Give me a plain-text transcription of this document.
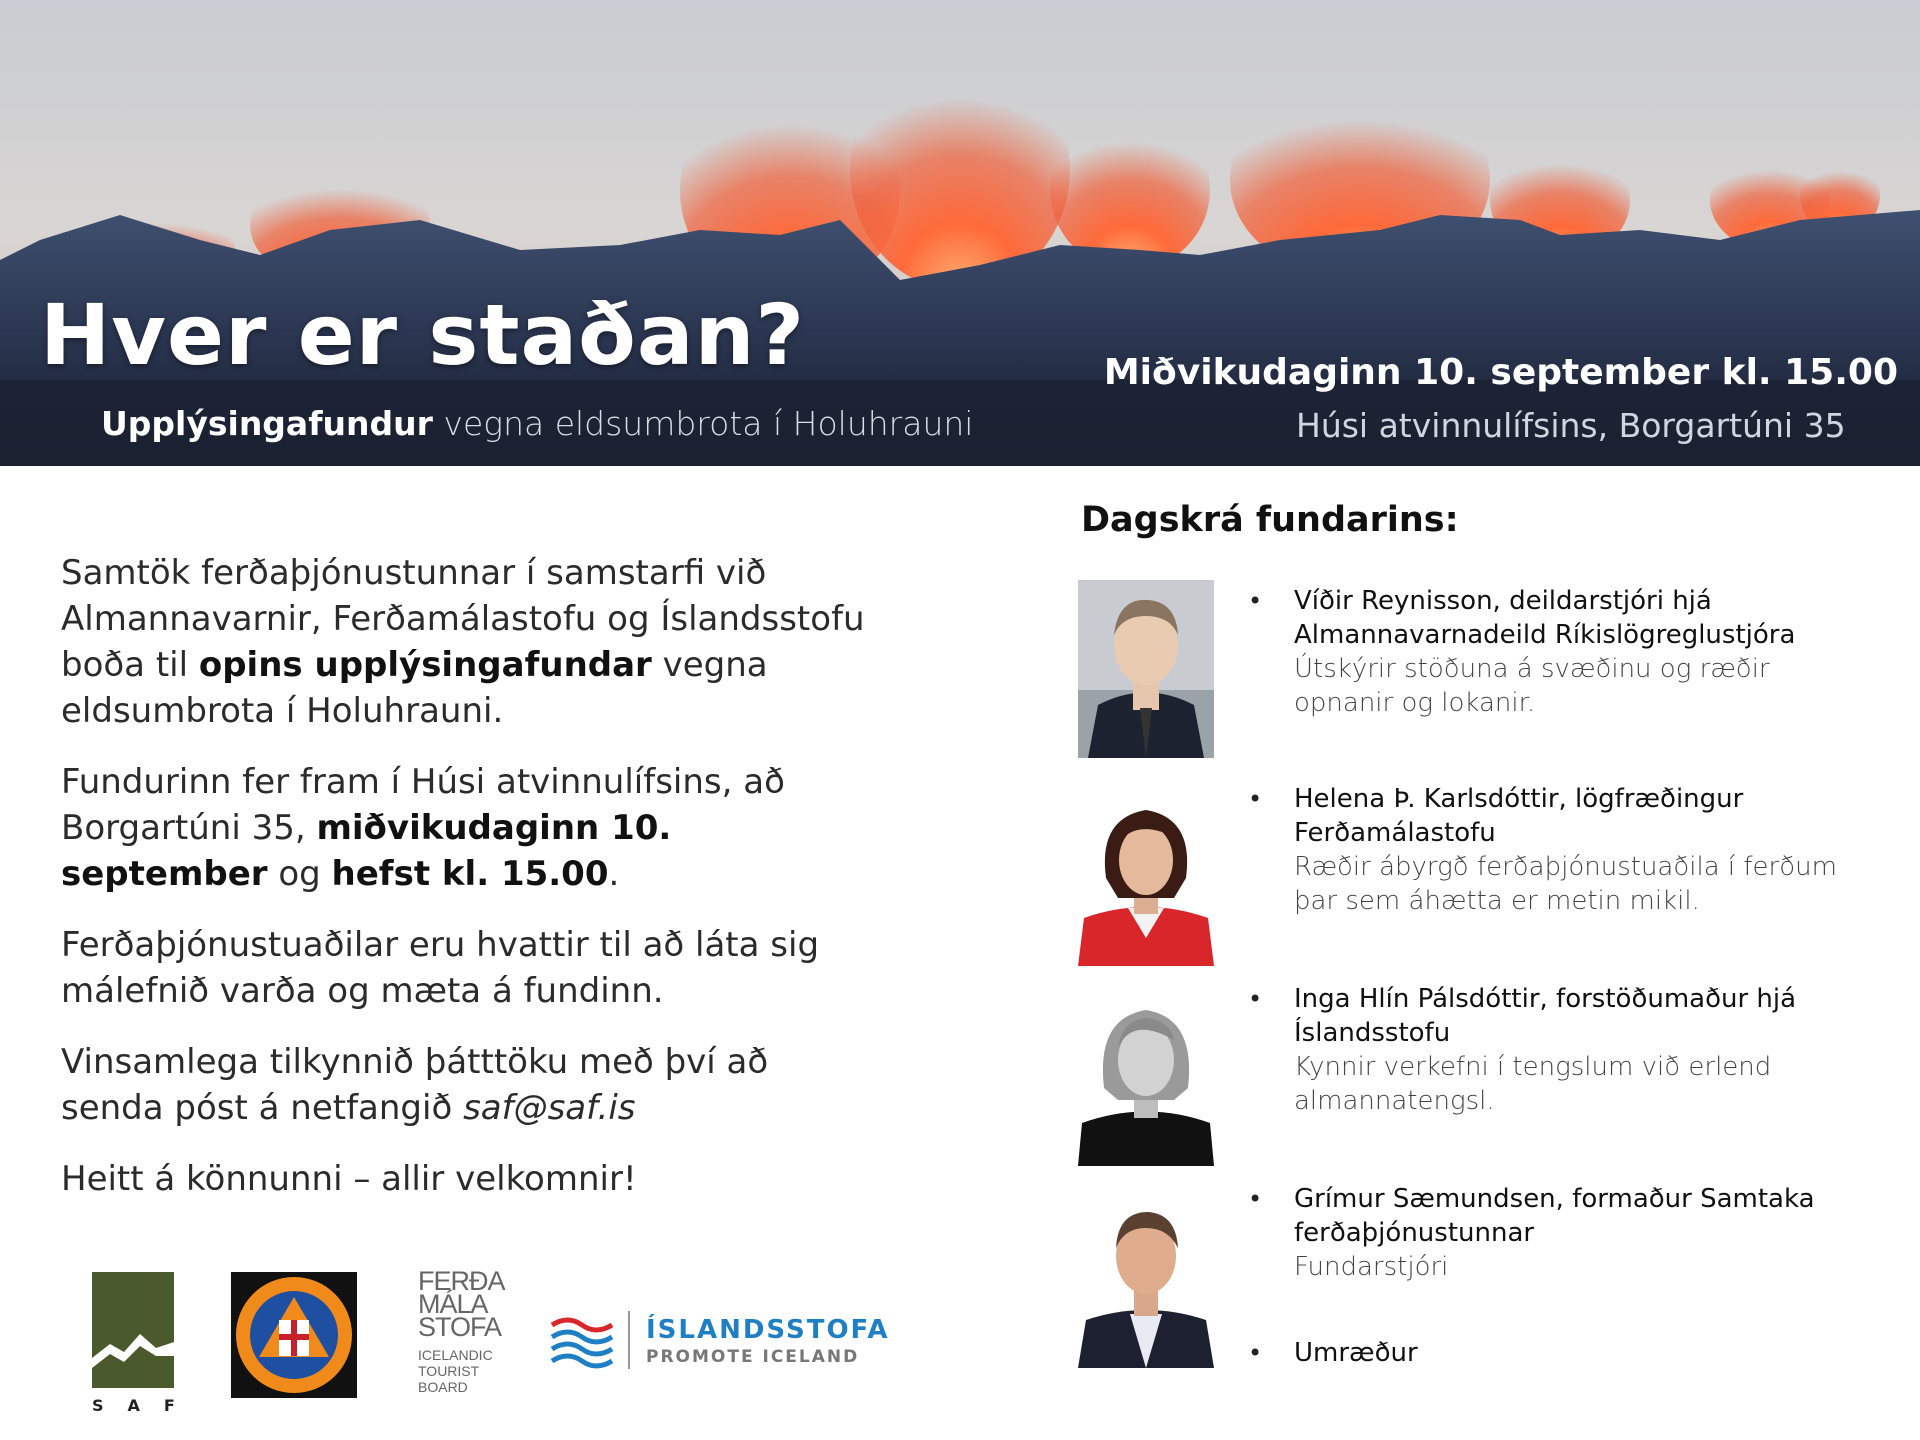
Hver er staðan?
Upplýsingafundur vegna eldsumbrota í Holuhrauni
Miðvikudaginn 10. september kl. 15.00
Húsi atvinnulífsins, Borgartúni 35

Samtök ferðaþjónustunnar í samstarfi við Almannavarnir, Ferðamálastofu og Íslandsstofu boða til opins upplýsingafundar vegna eldsumbrota í Holuhrauni.

Fundurinn fer fram í Húsi atvinnulífsins, að Borgartúni 35, miðvikudaginn 10. september og hefst kl. 15.00.

Ferðaþjónustuaðilar eru hvattir til að láta sig málefnið varða og mæta á fundinn.

Vinsamlega tilkynnið þátttöku með því að senda póst á netfangið saf@saf.is

Heitt á könnunni – allir velkomnir!

Dagskrá fundarins:
• Víðir Reynisson, deildarstjóri hjá Almannavarnadeild Ríkislögreglustjóra
Útskýrir stöðuna á svæðinu og ræðir opnanir og lokanir.
• Helena Þ. Karlsdóttir, lögfræðingur Ferðamálastofu
Ræðir ábyrgð ferðaþjónustuaðila í ferðum þar sem áhætta er metin mikil.
• Inga Hlín Pálsdóttir, forstöðumaður hjá Íslandsstofu
Kynnir verkefni í tengslum við erlend almannatengsl.
• Grímur Sæmundsen, formaður Samtaka ferðaþjónustunnar
Fundarstjóri
• Umræður
SAF
FERÐA
MÁLA
STOFA
ICELANDIC
TOURIST
BOARD
ÍSLANDSSTOFA
PROMOTE ICELAND
